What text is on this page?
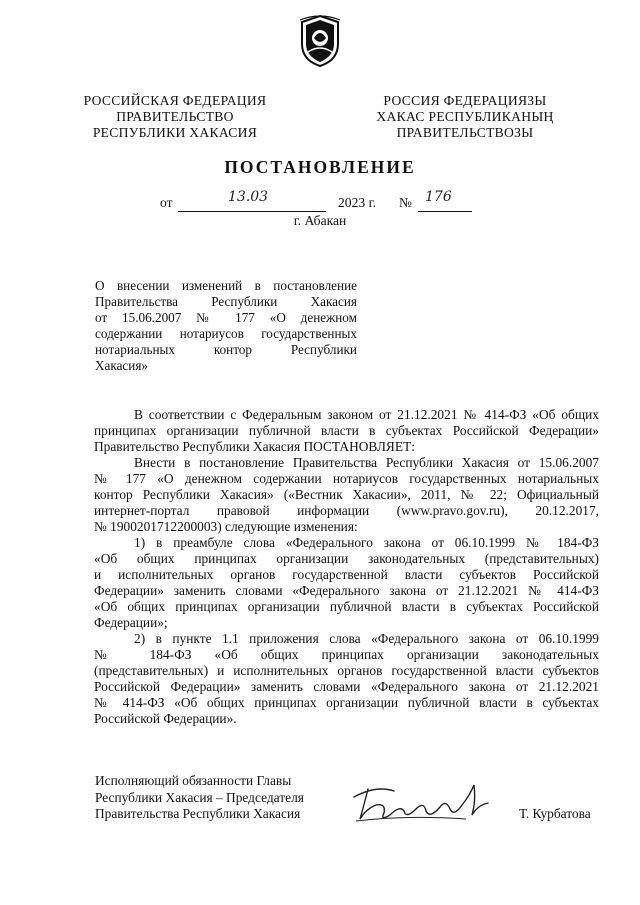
РОССИЙСКАЯ ФЕДЕРАЦИЯ
ПРАВИТЕЛЬСТВО
РЕСПУБЛИКИ ХАКАСИЯ
РОССИЯ ФЕДЕРАЦИЯЗЫ
ХАКАС РЕСПУБЛИКАНЫҢ
ПРАВИТЕЛЬСТВОЗЫ
ПОСТАНОВЛЕНИЕ
от	13.03	2023 г. № 176
г. Абакан
О внесении изменений в постановление
Правительства Республики Хакасия
от 15.06.2007 № 177 «О денежном
содержании нотариусов государственных
нотариальных контор Республики
Хакасия»
В соответствии с Федеральным законом от 21.12.2021 № 414-ФЗ «Об общих
принципах организации публичной власти в субъектах Российской Федерации»
Правительство Республики Хакасия ПОСТАНОВЛЯЕТ:
Внести в постановление Правительства Республики Хакасия от 15.06.2007
№ 177 «О денежном содержании нотариусов государственных нотариальных
контор Республики Хакасия» («Вестник Хакасии», 2011, № 22; Официальный
интернет-портал правовой информации (www.pravo.gov.ru), 20.12.2017,
№ 1900201712200003) следующие изменения:
1) в преамбуле слова «Федерального закона от 06.10.1999 № 184-ФЗ
«Об общих принципах организации законодательных (представительных)
и исполнительных органов государственной власти субъектов Российской
Федерации» заменить словами «Федерального закона от 21.12.2021 № 414-ФЗ
«Об общих принципах организации публичной власти в субъектах Российской
Федерации»;
2) в пункте 1.1 приложения слова «Федерального закона от 06.10.1999
№ 184-ФЗ «Об общих принципах организации законодательных
(представительных) и исполнительных органов государственной власти субъектов
Российской Федерации» заменить словами «Федерального закона от 21.12.2021
№ 414-ФЗ «Об общих принципах организации публичной власти в субъектах
Российской Федерации».
Исполняющий обязанности Главы
Республики Хакасия – Председателя
Правительства Республики Хакасия	Т. Курбатова
